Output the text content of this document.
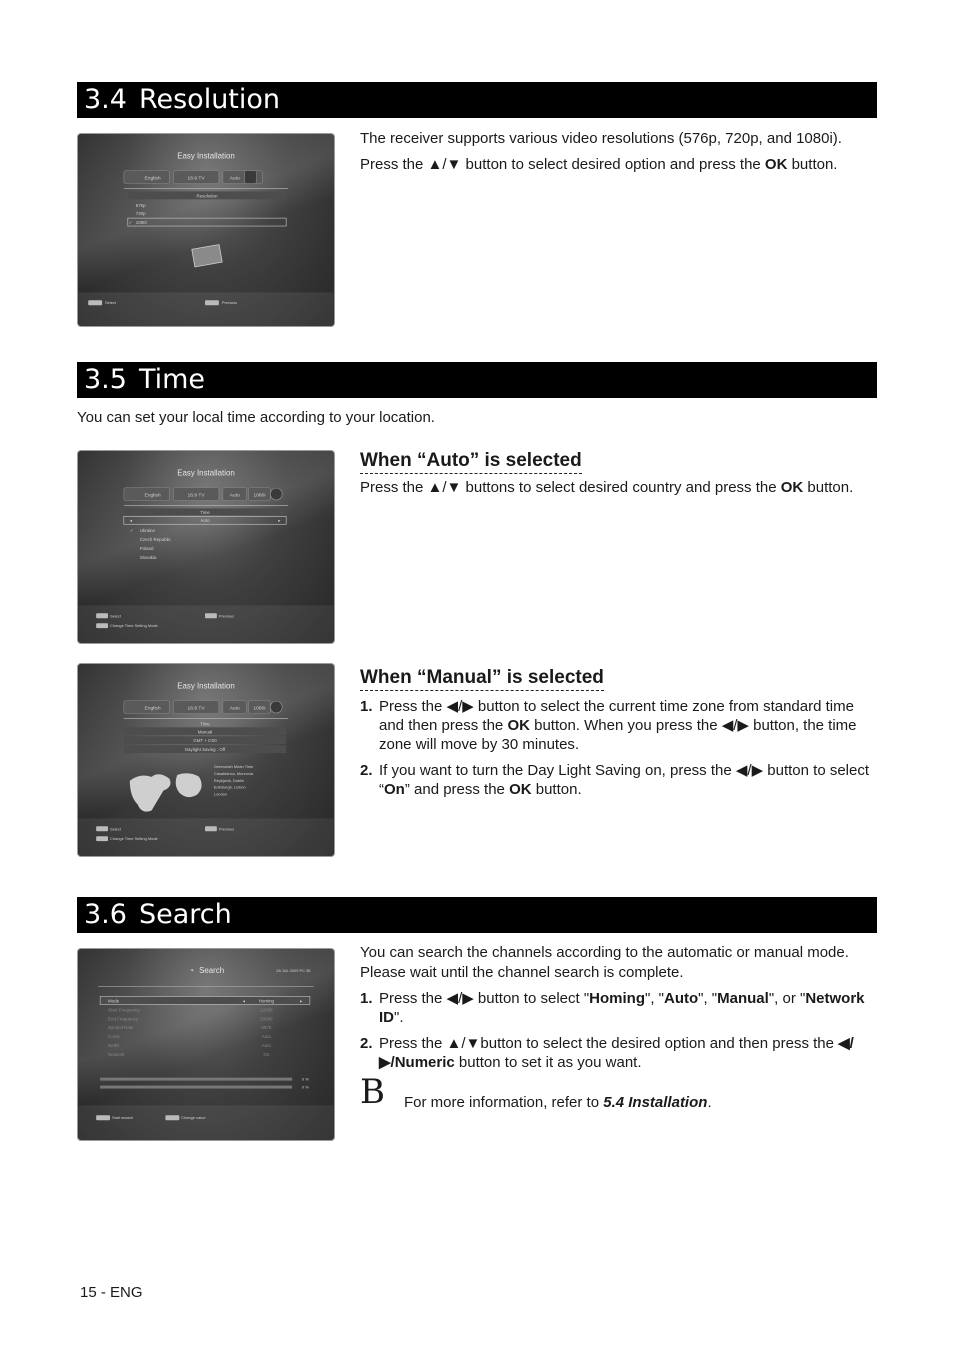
3.4 Resolution
Easy Installation
English	16:9 TV	Auto
Resolution
576p
720p
✓ 1080i
Select	Previous
The receiver supports various video resolutions (576p, 720p, and 1080i).
Press the ▲/▼ button to select desired option and press the OK button.
3.5 Time
You can set your local time according to your location.
Easy Installation
English	16:9 TV	Auto	1080i
Time
◂	Auto	▸
✓ Ukraine
Czech Republic
Poland
Slovakia
Select	Previous
Change Time Setting Mode
When “Auto” is selected
Press the ▲/▼ buttons to select desired country and press the OK button.
Easy Installation
English	16:9 TV	Auto	1080i
Time
Manual
GMT + 0:00
Daylight Saving : Off
Greenwich Mean Time
Casablanca, Monrovia
Reykjavik, Dublin
Edinburgh, Lisbon
London
Select	Previous
Change Time Setting Mode
When “Manual” is selected
1. Press the ◀/▶ button to select the current time zone from standard time and then press the OK button. When you press the ◀/▶ button, the time zone will move by 30 minutes.
2. If you want to turn the Day Light Saving on, press the ◀/▶ button to select “On” and press the OK button.
3.6 Search
◔ Search	28 JUL 2009 PC 38
Mode	◂	Homing	▸
Start Frequency	12000
End Frequency	20000
Symbol Rate	6875
Const	Auto
NetID	Auto
Network	On
0 %
0 %
Start search	Change value
You can search the channels according to the automatic or manual mode.
Please wait until the channel search is complete.
1. Press the ◀/▶ button to select "Homing", "Auto", "Manual", or "Network ID".
2. Press the ▲/▼button to select the desired option and then press the ◀/▶/Numeric button to set it as you want.
B For more information, refer to 5.4 Installation.
15 - ENG
